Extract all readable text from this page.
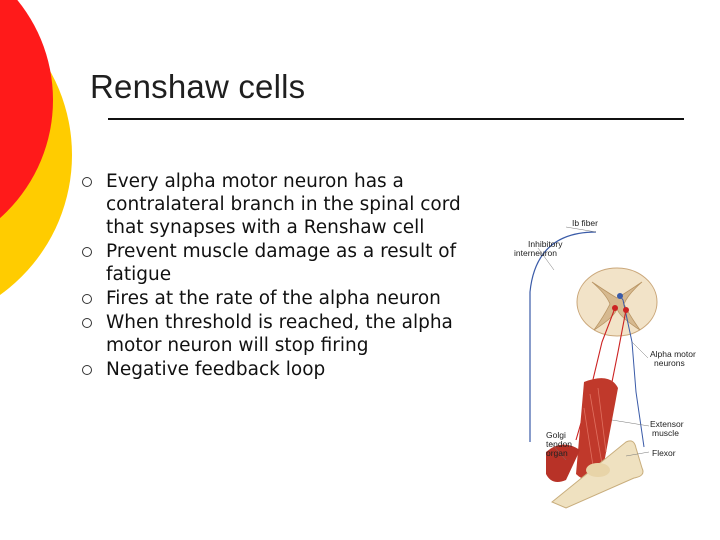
Renshaw cells
Every alpha motor neuron has a contralateral branch in the spinal cord that synapses with a Renshaw cell
Prevent muscle damage as a result of fatigue
Fires at the rate of the alpha neuron
When threshold is reached, the alpha motor neuron will stop firing
Negative feedback loop
Ib fiber
Inhibitory
interneuron
Alpha motor
neurons
Extensor
muscle
Golgi
tendon
organ	Flexor
